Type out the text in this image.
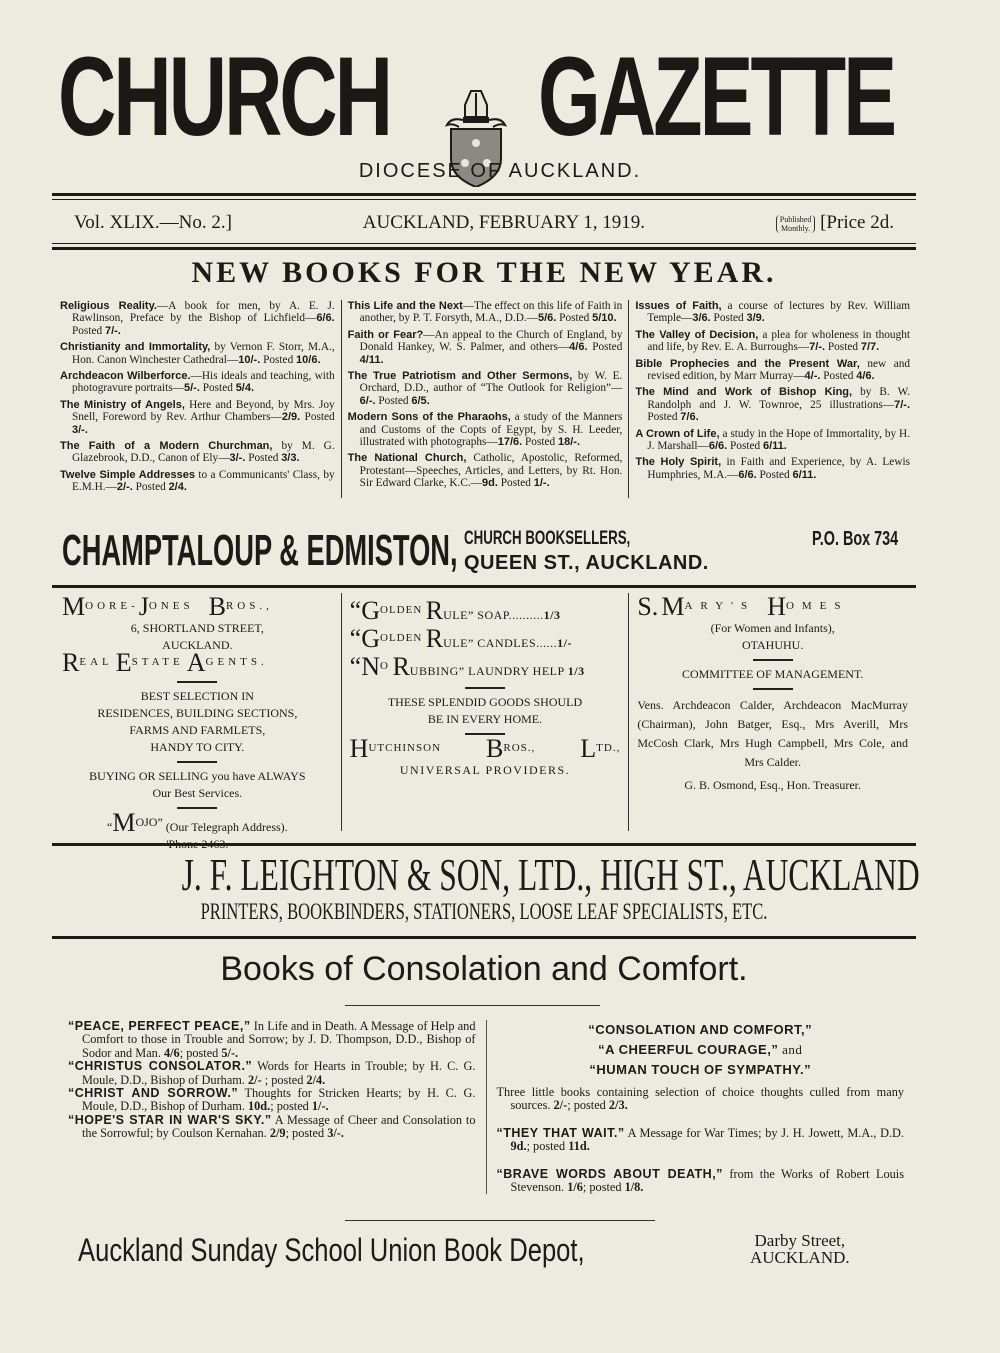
CHURCH GAZETTE
DIOCESE OF AUCKLAND.
Vol. XLIX.—No. 2.]	AUCKLAND, FEBRUARY 1, 1919.	Published
Monthly. [Price 2d.
NEW BOOKS FOR THE NEW YEAR.
Religious Reality.—A book for men, by A. E. J. Rawlinson, Preface by the Bishop of Lichfield—6/6. Posted 7/-.
Christianity and Immortality, by Vernon F. Storr, M.A., Hon. Canon Winchester Cathedral—10/-. Posted 10/6.
Archdeacon Wilberforce.—His ideals and teaching, with photogravure portraits—5/-. Posted 5/4.
The Ministry of Angels, Here and Beyond, by Mrs. Joy Snell, Foreword by Rev. Arthur Chambers—2/9. Posted 3/-.
The Faith of a Modern Churchman, by M. G. Glazebrook, D.D., Canon of Ely—3/-. Posted 3/3.
Twelve Simple Addresses to a Communicants' Class, by E.M.H.—2/-. Posted 2/4.
This Life and the Next—The effect on this life of Faith in another, by P. T. Forsyth, M.A., D.D.—5/6. Posted 5/10.
Faith or Fear?—An appeal to the Church of England, by Donald Hankey, W. S. Palmer, and others—4/6. Posted 4/11.
The True Patriotism and Other Sermons, by W. E. Orchard, D.D., author of “The Outlook for Religion”—6/-. Posted 6/5.
Modern Sons of the Pharaohs, a study of the Manners and Customs of the Copts of Egypt, by S. H. Leeder, illustrated with photographs—17/6. Posted 18/-.
The National Church, Catholic, Apostolic, Reformed, Protestant—Speeches, Articles, and Letters, by Rt. Hon. Sir Edward Clarke, K.C.—9d. Posted 1/-.
Issues of Faith, a course of lectures by Rev. William Temple—3/6. Posted 3/9.
The Valley of Decision, a plea for wholeness in thought and life, by Rev. E. A. Burroughs—7/-. Posted 7/7.
Bible Prophecies and the Present War, new and revised edition, by Marr Murray—4/-. Posted 4/6.
The Mind and Work of Bishop King, by B. W. Randolph and J. W. Townroe, 25 illustrations—7/-. Posted 7/6.
A Crown of Life, a study in the Hope of Immortality, by H. J. Marshall—6/6. Posted 6/11.
The Holy Spirit, in Faith and Experience, by A. Lewis Humphries, M.A.—6/6. Posted 6/11.
CHAMPTALOUP & EDMISTON, CHURCH BOOKSELLERS,
QUEEN ST., AUCKLAND.
P.O. Box 734
MOORE-JONES BROS.,
6, SHORTLAND STREET,
AUCKLAND.
REAL ESTATE AGENTS.
BEST SELECTION IN
RESIDENCES, BUILDING SECTIONS,
FARMS AND FARMLETS,
HANDY TO CITY.
BUYING OR SELLING you have ALWAYS
Our Best Services.
“MOJO” (Our Telegraph Address).
“GOLDEN RULE” SOAP..........1/3
“GOLDEN RULE” CANDLES......1/-
“NO RUBBING” LAUNDRY HELP 1/3
THESE SPLENDID GOODS SHOULD
BE IN EVERY HOME.
HUTCHINSON BROS., LTD.,
UNIVERSAL PROVIDERS.
S. MARY'S HOMES
(For Women and Infants),
OTAHUHU.
COMMITTEE OF MANAGEMENT.
Vens. Archdeacon Calder, Archdeacon MacMurray (Chairman), John Batger, Esq., Mrs Averill, Mrs McCosh Clark, Mrs Hugh Campbell, Mrs Cole, and Mrs Calder.
G. B. Osmond, Esq., Hon. Treasurer.
J. F. LEIGHTON & SON, LTD., HIGH ST., AUCKLAND
PRINTERS, BOOKBINDERS, STATIONERS, LOOSE LEAF SPECIALISTS, ETC.
Books of Consolation and Comfort.
“PEACE, PERFECT PEACE,” In Life and in Death. A Message of Help and Comfort to those in Trouble and Sorrow; by J. D. Thompson, D.D., Bishop of Sodor and Man. 4/6; posted 5/-.
“CHRISTUS CONSOLATOR.” Words for Hearts in Trouble; by H. C. G. Moule, D.D., Bishop of Durham. 2/- ; posted 2/4.
“CHRIST AND SORROW.” Thoughts for Stricken Hearts; by H. C. G. Moule, D.D., Bishop of Durham. 10d.; posted 1/-.
“HOPE'S STAR IN WAR'S SKY.” A Message of Cheer and Consolation to the Sorrowful; by Coulson Kernahan. 2/9; posted 3/-.
“CONSOLATION AND COMFORT,”
“A CHEERFUL COURAGE,” and
“HUMAN TOUCH OF SYMPATHY.”
Three little books containing selection of choice thoughts culled from many sources. 2/-; posted 2/3.
“THEY THAT WAIT.” A Message for War Times; by J. H. Jowett, M.A., D.D. 9d.; posted 11d.
“BRAVE WORDS ABOUT DEATH,” from the Works of Robert Louis Stevenson. 1/6; posted 1/8.
Auckland Sunday School Union Book Depot,	Darby Street,
AUCKLAND.
